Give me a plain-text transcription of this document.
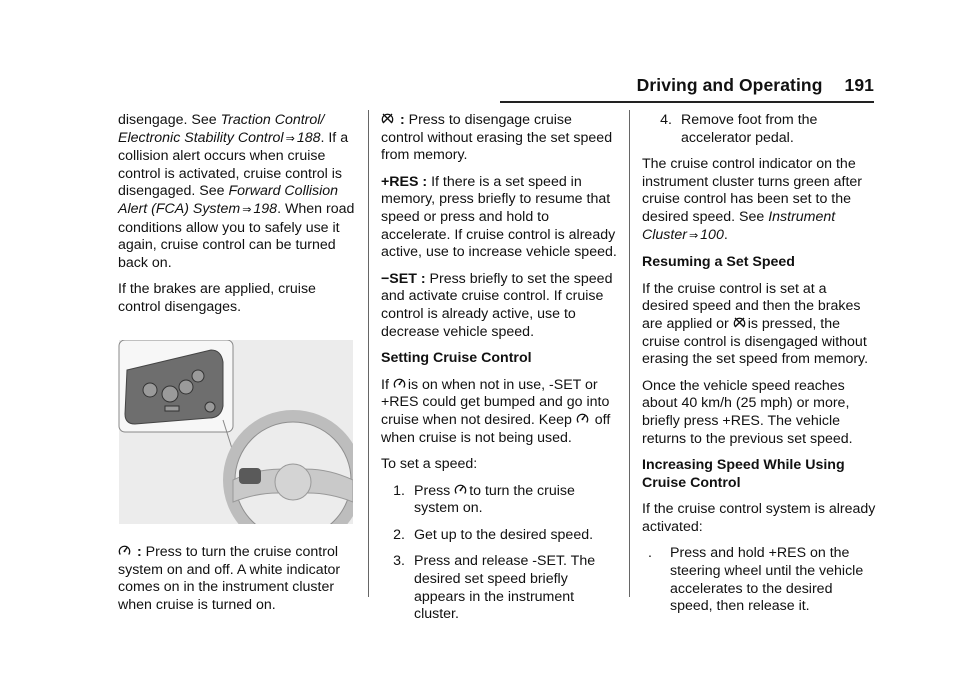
Driving and Operating 191

disengage. See Traction Control/ Electronic Stability Control ⇒ 188. If a collision alert occurs when cruise control is activated, cruise control is disengaged. See Forward Collision Alert (FCA) System ⇒ 198. When road conditions allow you to safely use it again, cruise control can be turned back on.

If the brakes are applied, cruise control disengages.

: Press to turn the cruise control system on and off. A white indicator comes on in the instrument cluster when cruise is turned on.

: Press to disengage cruise control without erasing the set speed from memory.

+RES : If there is a set speed in memory, press briefly to resume that speed or press and hold to accelerate. If cruise control is already active, use to increase vehicle speed.

−SET : Press briefly to set the speed and activate cruise control. If cruise control is already active, use to decrease vehicle speed.

Setting Cruise Control

If is on when not in use, -SET or +RES could get bumped and go into cruise when not desired. Keep  off when cruise is not being used.

To set a speed:

1. Press to turn the cruise system on.
2. Get up to the desired speed.
3. Press and release -SET. The desired set speed briefly appears in the instrument cluster.
4. Remove foot from the accelerator pedal.

The cruise control indicator on the instrument cluster turns green after cruise control has been set to the desired speed. See Instrument Cluster ⇒ 100.

Resuming a Set Speed

If the cruise control is set at a desired speed and then the brakes are applied or is pressed, the cruise control is disengaged without erasing the set speed from memory.

Once the vehicle speed reaches about 40 km/h (25 mph) or more, briefly press +RES. The vehicle returns to the previous set speed.

Increasing Speed While Using Cruise Control

If the cruise control system is already activated:

.	Press and hold +RES on the steering wheel until the vehicle accelerates to the desired speed, then release it.
